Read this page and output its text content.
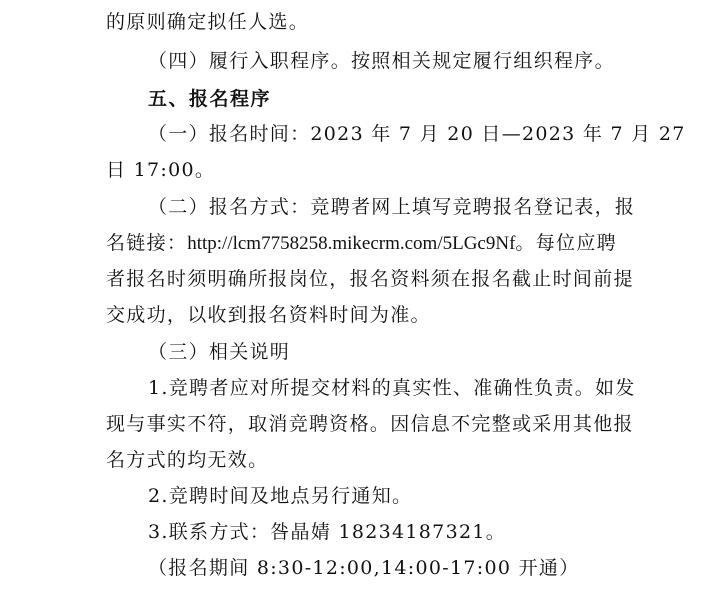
的原则确定拟任人选。
（四）履行入职程序。按照相关规定履行组织程序。
五、报名程序
（一）报名时间：2023 年 7 月 20 日—2023 年 7 月 27
日 17:00。
（二）报名方式：竞聘者网上填写竞聘报名登记表，报
名链接：http://lcm7758258.mikecrm.com/5LGc9Nf。每位应聘
者报名时须明确所报岗位，报名资料须在报名截止时间前提
交成功，以收到报名资料时间为准。
（三）相关说明
1.竞聘者应对所提交材料的真实性、准确性负责。如发
现与事实不符，取消竞聘资格。因信息不完整或采用其他报
名方式的均无效。
2.竞聘时间及地点另行通知。
3.联系方式：咎晶婧 18234187321。
（报名期间 8:30-12:00,14:00-17:00 开通）
